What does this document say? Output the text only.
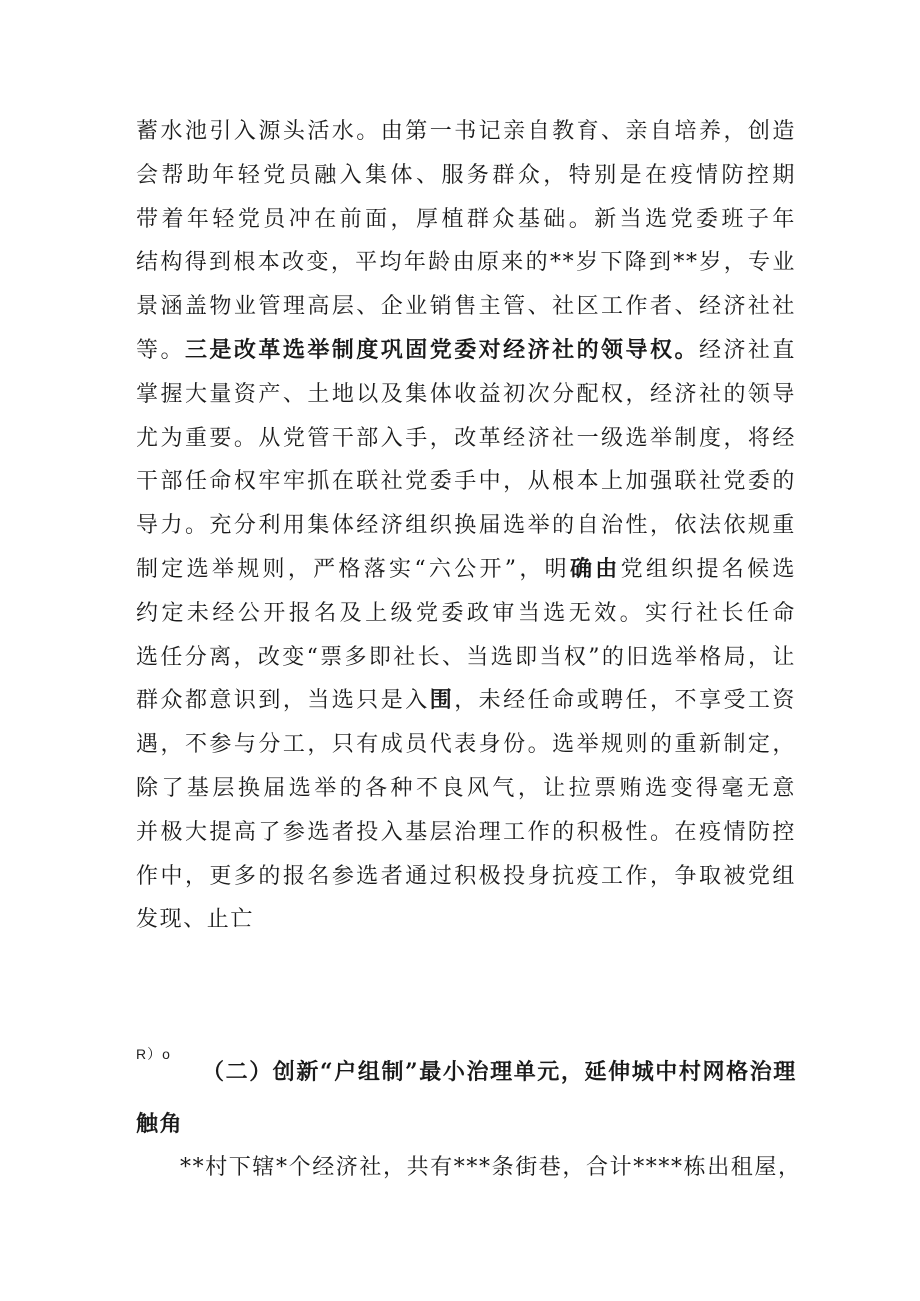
蓄水池引入源头活水。由第一书记亲自教育、亲自培养，创造
会帮助年轻党员融入集体、服务群众，特别是在疫情防控期
带着年轻党员冲在前面，厚植群众基础。新当选党委班子年
结构得到根本改变，平均年龄由原来的**岁下降到**岁，专业
景涵盖物业管理高层、企业销售主管、社区工作者、经济社社
等。三是改革选举制度巩固党委对经济社的领导权。经济社直
掌握大量资产、土地以及集体收益初次分配权，经济社的领导
尤为重要。从党管干部入手，改革经济社一级选举制度，将经
干部任命权牢牢抓在联社党委手中，从根本上加强联社党委的
导力。充分利用集体经济组织换届选举的自治性，依法依规重
制定选举规则，严格落实“六公开”，明确由党组织提名候选
约定未经公开报名及上级党委政审当选无效。实行社长任命
选任分离，改变“票多即社长、当选即当权”的旧选举格局，让
群众都意识到，当选只是入围，未经任命或聘任，不享受工资
遇，不参与分工，只有成员代表身份。选举规则的重新制定，
除了基层换届选举的各种不良风气，让拉票贿选变得毫无意
并极大提高了参选者投入基层治理工作的积极性。在疫情防控
作中，更多的报名参选者通过积极投身抗疫工作，争取被党组
发现、止亡
R）o
（二）创新“户组制”最小治理单元，延伸城中村网格治理
触角
**村下辖*个经济社，共有***条街巷，合计****栋出租屋，
